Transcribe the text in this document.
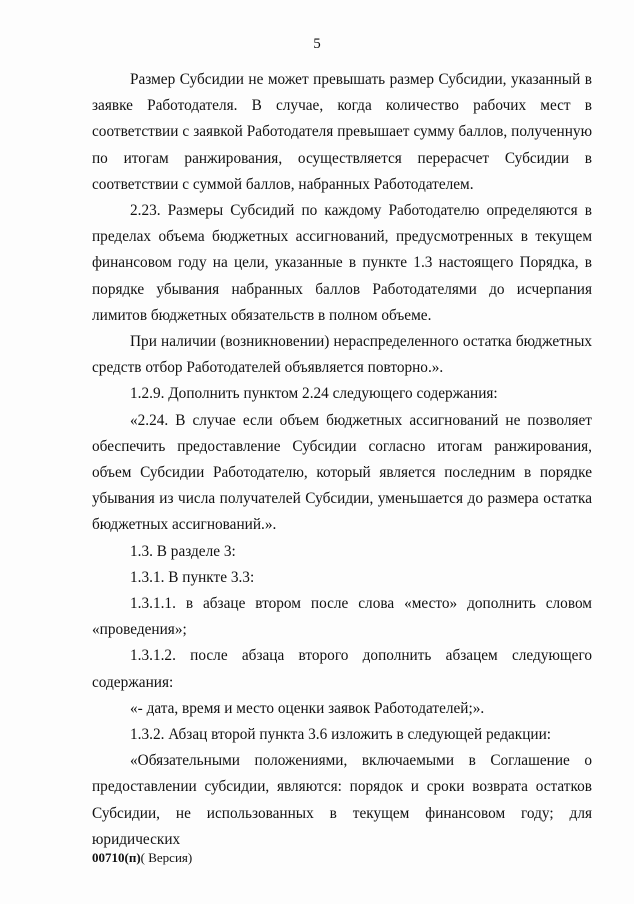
5

Размер Субсидии не может превышать размер Субсидии, указанный в заявке Работодателя. В случае, когда количество рабочих мест в соответствии с заявкой Работодателя превышает сумму баллов, полученную по итогам ранжирования, осуществляется перерасчет Субсидии в соответствии с суммой баллов, набранных Работодателем.

2.23. Размеры Субсидий по каждому Работодателю определяются в пределах объема бюджетных ассигнований, предусмотренных в текущем финансовом году на цели, указанные в пункте 1.3 настоящего Порядка, в порядке убывания набранных баллов Работодателями до исчерпания лимитов бюджетных обязательств в полном объеме.

При наличии (возникновении) нераспределенного остатка бюджетных средств отбор Работодателей объявляется повторно.».

1.2.9. Дополнить пунктом 2.24 следующего содержания:

«2.24. В случае если объем бюджетных ассигнований не позволяет обеспечить предоставление Субсидии согласно итогам ранжирования, объем Субсидии Работодателю, который является последним в порядке убывания из числа получателей Субсидии, уменьшается до размера остатка бюджетных ассигнований.».

1.3. В разделе 3:

1.3.1. В пункте 3.3:

1.3.1.1. в абзаце втором после слова «место» дополнить словом «проведения»;

1.3.1.2. после абзаца второго дополнить абзацем следующего содержания:

«- дата, время и место оценки заявок Работодателей;».

1.3.2. Абзац второй пункта 3.6 изложить в следующей редакции:

«Обязательными положениями, включаемыми в Соглашение о предоставлении субсидии, являются: порядок и сроки возврата остатков Субсидии, не использованных в текущем финансовом году; для юридических

00710(п)( Версия)
